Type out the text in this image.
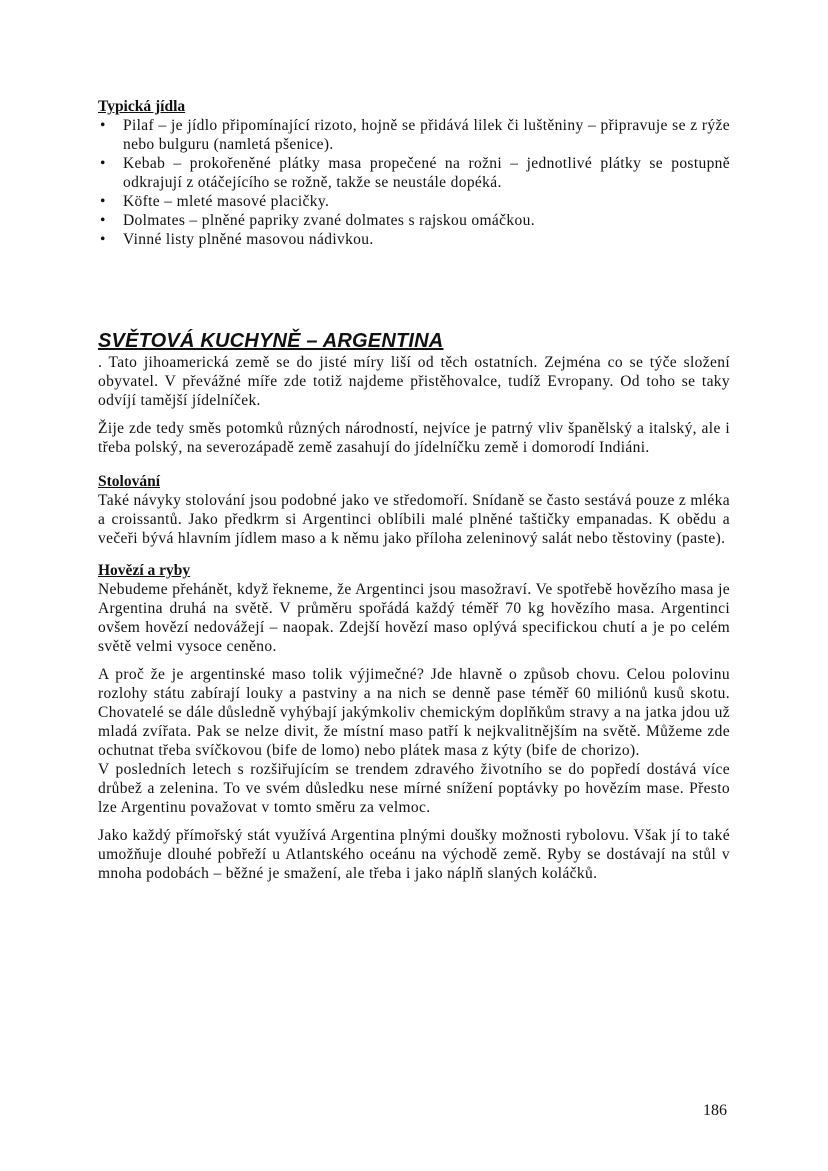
Typická jídla
• Pilaf – je jídlo připomínající rizoto, hojně se přidává lilek či luštěniny – připravuje se z rýže nebo bulguru (namletá pšenice).
• Kebab – prokořeněné plátky masa propečené na rožni – jednotlivé plátky se postupně odkrajují z otáčejícího se rožně, takže se neustále dopéká.
• Köfte – mleté masové placičky.
• Dolmates – plněné papriky zvané dolmates s rajskou omáčkou.
• Vinné listy plněné masovou nádivkou.
SVĚTOVÁ KUCHYNĚ – ARGENTINA

. Tato jihoamerická země se do jisté míry liší od těch ostatních. Zejména co se týče složení obyvatel. V převážné míře zde totiž najdeme přistěhovalce, tudíž Evropany. Od toho se taky odvíjí tamější jídelníček.

Žije zde tedy směs potomků různých národností, nejvíce je patrný vliv španělský a italský, ale i třeba polský, na severozápadě země zasahují do jídelníčku země i domorodí Indiáni.

Stolování

Také návyky stolování jsou podobné jako ve středomoří. Snídaně se často sestává pouze z mléka a croissantů. Jako předkrm si Argentinci oblíbili malé plněné taštičky empanadas. K obědu a večeři bývá hlavním jídlem maso a k němu jako příloha zeleninový salát nebo těstoviny (paste).

Hovězí a ryby

Nebudeme přehánět, když řekneme, že Argentinci jsou masožraví. Ve spotřebě hovězího masa je Argentina druhá na světě. V průměru spořádá každý téměř 70 kg hovězího masa. Argentinci ovšem hovězí nedovážejí – naopak. Zdejší hovězí maso oplývá specifickou chutí a je po celém světě velmi vysoce ceněno.

A proč že je argentinské maso tolik výjimečné? Jde hlavně o způsob chovu. Celou polovinu rozlohy státu zabírají louky a pastviny a na nich se denně pase téměř 60 miliónů kusů skotu. Chovatelé se dále důsledně vyhýbají jakýmkoliv chemickým doplňkům stravy a na jatka jdou už mladá zvířata. Pak se nelze divit, že místní maso patří k nejkvalitnějším na světě. Můžeme zde ochutnat třeba svíčkovou (bife de lomo) nebo plátek masa z kýty (bife de chorizo).

V posledních letech s rozšiřujícím se trendem zdravého životního se do popředí dostává více drůbež a zelenina. To ve svém důsledku nese mírné snížení poptávky po hovězím mase. Přesto lze Argentinu považovat v tomto směru za velmoc.

Jako každý přímořský stát využívá Argentina plnými doušky možnosti rybolovu. Však jí to také umožňuje dlouhé pobřeží u Atlantského oceánu na východě země. Ryby se dostávají na stůl v mnoha podobách – běžné je smažení, ale třeba i jako náplň slaných koláčků.

186
